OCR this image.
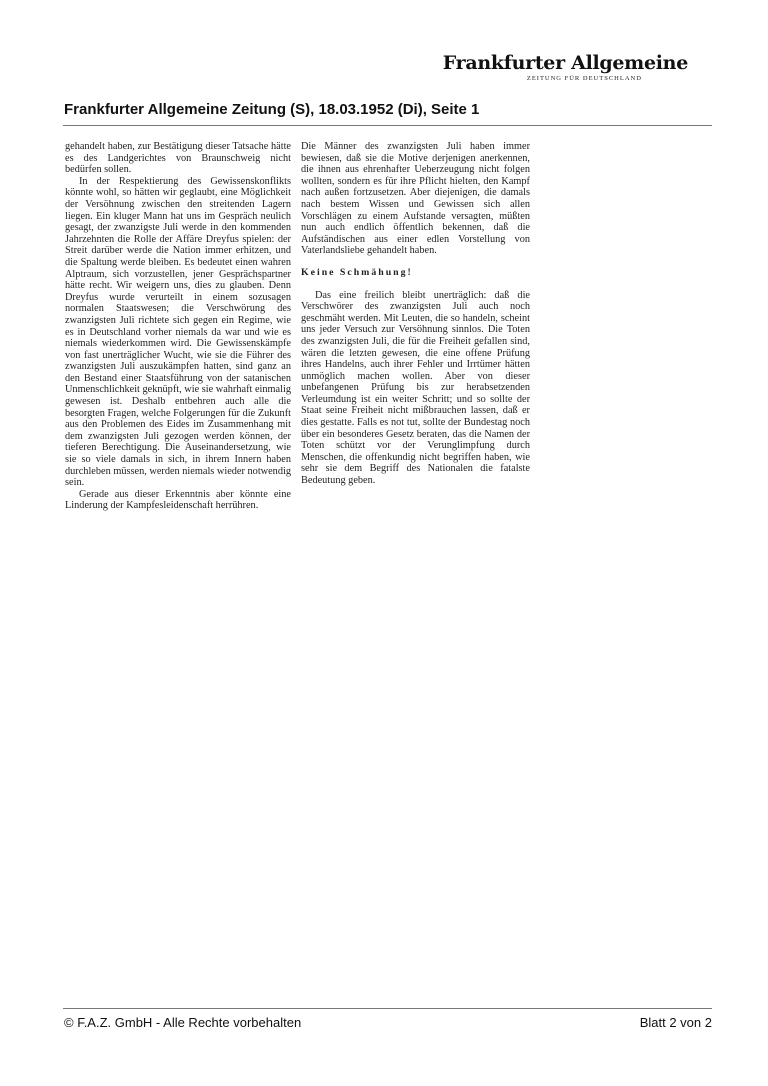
Frankfurter Allgemeine
ZEITUNG FÜR DEUTSCHLAND
Frankfurter Allgemeine Zeitung (S), 18.03.1952 (Di), Seite 1

gehandelt haben, zur Bestätigung dieser Tatsache hätte es des Landgerichtes von Braunschweig nicht bedürfen sollen.

In der Respektierung des Gewissenskonflikts könnte wohl, so hätten wir geglaubt, eine Möglichkeit der Versöhnung zwischen den streitenden Lagern liegen. Ein kluger Mann hat uns im Gespräch neulich gesagt, der zwanzigste Juli werde in den kommenden Jahrzehnten die Rolle der Affäre Dreyfus spielen: der Streit darüber werde die Nation immer erhitzen, und die Spaltung werde bleiben. Es bedeutet einen wahren Alptraum, sich vorzustellen, jener Gesprächspartner hätte recht. Wir weigern uns, dies zu glauben. Denn Dreyfus wurde verurteilt in einem sozusagen normalen Staatswesen; die Verschwörung des zwanzigsten Juli richtete sich gegen ein Regime, wie es in Deutschland vorher niemals da war und wie es niemals wiederkommen wird. Die Gewissenskämpfe von fast unerträglicher Wucht, wie sie die Führer des zwanzigsten Juli auszukämpfen hatten, sind ganz an den Bestand einer Staatsführung von der satanischen Unmenschlichkeit geknüpft, wie sie wahrhaft einmalig gewesen ist. Deshalb entbehren auch alle die besorgten Fragen, welche Folgerungen für die Zukunft aus den Problemen des Eides im Zusammenhang mit dem zwanzigsten Juli gezogen werden können, der tieferen Berechtigung. Die Auseinandersetzung, wie sie so viele damals in sich, in ihrem Innern haben durchleben müssen, werden niemals wieder notwendig sein.

Gerade aus dieser Erkenntnis aber könnte eine Linderung der Kampfesleidenschaft herrühren.

Die Männer des zwanzigsten Juli haben immer bewiesen, daß sie die Motive derjenigen anerkennen, die ihnen aus ehrenhafter Ueberzeugung nicht folgen wollten, sondern es für ihre Pflicht hielten, den Kampf nach außen fortzusetzen. Aber diejenigen, die damals nach bestem Wissen und Gewissen sich allen Vorschlägen zu einem Aufstande versagten, müßten nun auch endlich öffentlich bekennen, daß die Aufständischen aus einer edlen Vorstellung von Vaterlandsliebe gehandelt haben.

Keine Schmähung!

Das eine freilich bleibt unerträglich: daß die Verschwörer des zwanzigsten Juli auch noch geschmäht werden. Mit Leuten, die so handeln, scheint uns jeder Versuch zur Versöhnung sinnlos. Die Toten des zwanzigsten Juli, die für die Freiheit gefallen sind, wären die letzten gewesen, die eine offene Prüfung ihres Handelns, auch ihrer Fehler und Irrtümer hätten unmöglich machen wollen. Aber von dieser unbefangenen Prüfung bis zur herabsetzenden Verleumdung ist ein weiter Schritt; und so sollte der Staat seine Freiheit nicht mißbrauchen lassen, daß er dies gestatte. Falls es not tut, sollte der Bundestag noch über ein besonderes Gesetz beraten, das die Namen der Toten schützt vor der Verunglimpfung durch Menschen, die offenkundig nicht begriffen haben, wie sehr sie dem Begriff des Nationalen die fatalste Bedeutung geben.

© F.A.Z. GmbH - Alle Rechte vorbehalten	Blatt 2 von 2
